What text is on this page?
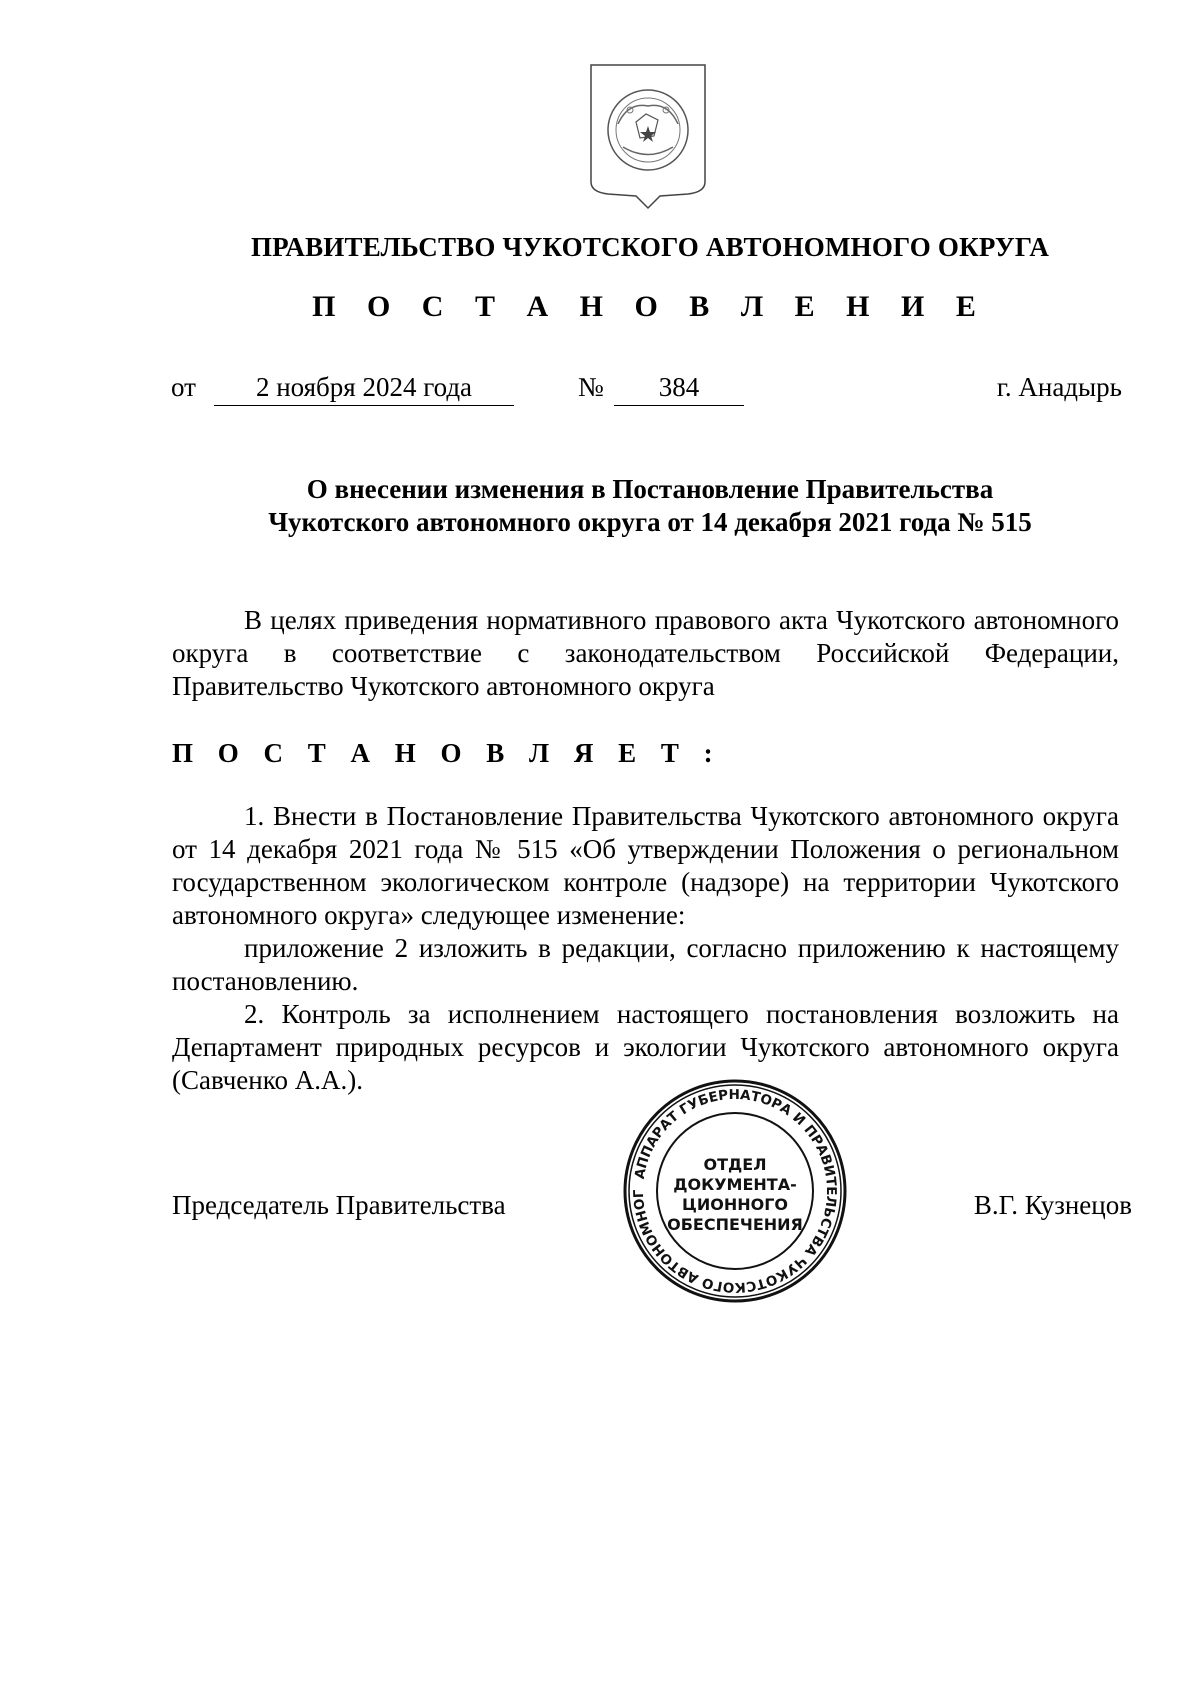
ПРАВИТЕЛЬСТВО ЧУКОТСКОГО АВТОНОМНОГО ОКРУГА
П О С Т А Н О В Л Е Н И Е
от	2 ноября 2024 года	№	384	г. Анадырь
О внесении изменения в Постановление Правительства
Чукотского автономного округа от 14 декабря 2021 года № 515
В целях приведения нормативного правового акта Чукотского автономного округа в соответствие с законодательством Российской Федерации, Правительство Чукотского автономного округа
П О С Т А Н О В Л Я Е Т :
1. Внести в Постановление Правительства Чукотского автономного округа от 14 декабря 2021 года № 515 «Об утверждении Положения о региональном государственном экологическом контроле (надзоре) на территории Чукотского автономного округа» следующее изменение:
приложение 2 изложить в редакции, согласно приложению к настоящему постановлению.
2. Контроль за исполнением настоящего постановления возложить на Департамент природных ресурсов и экологии Чукотского автономного округа (Савченко А.А.).
Председатель Правительства
АППАРАТ ГУБЕРНАТОРА И ПРАВИТЕЛЬСТВА ЧУКОТСКОГО АВТОНОМНОГ
ОТДЕЛ
ДОКУМЕНТА-
ЦИОННОГО
ОБЕСПЕЧЕНИЯ
В.Г. Кузнецов
